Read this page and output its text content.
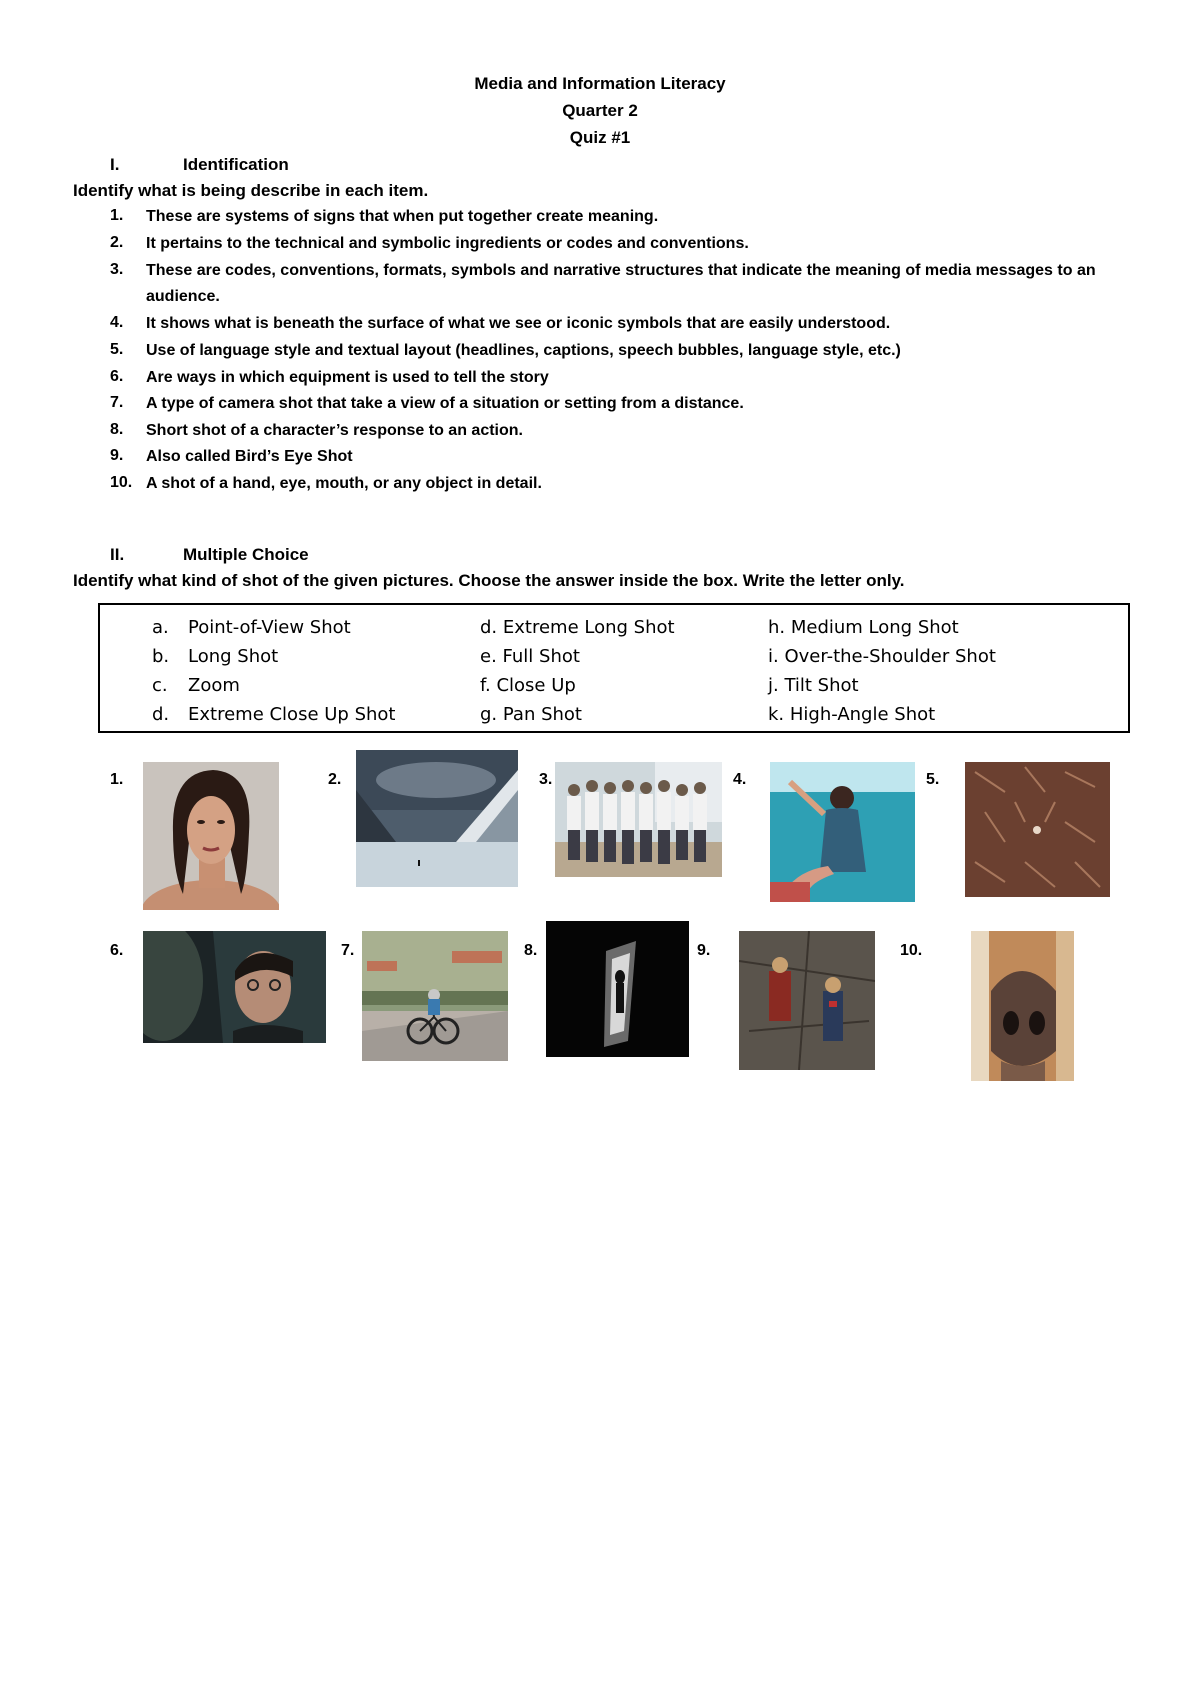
Media and Information Literacy
Quarter 2
Quiz #1
I.	Identification
Identify what is being describe in each item.
1. These are systems of signs that when put together create meaning.
2. It pertains to the technical and symbolic ingredients or codes and conventions.
3. These are codes, conventions, formats, symbols and narrative structures that indicate the meaning of media messages to an audience.
4. It shows what is beneath the surface of what we see or iconic symbols that are easily understood.
5. Use of language style and textual layout (headlines, captions, speech bubbles, language style, etc.)
6. Are ways in which equipment is used to tell the story
7. A type of camera shot that take a view of a situation or setting from a distance.
8. Short shot of a character’s response to an action.
9. Also called Bird’s Eye Shot
10. A shot of a hand, eye, mouth, or any object in detail.
II.	Multiple Choice
Identify what kind of shot of the given pictures. Choose the answer inside the box. Write the letter only.
a. Point-of-View Shot
b. Long Shot
c. Zoom
d. Extreme Close Up Shot
d. Extreme Long Shot
e. Full Shot
f. Close Up
g. Pan Shot
h. Medium Long Shot
i. Over-the-Shoulder Shot
j. Tilt Shot
k. High-Angle Shot
1.	2.	3.	4.	5.
6.	7.	8.	9.	10.
